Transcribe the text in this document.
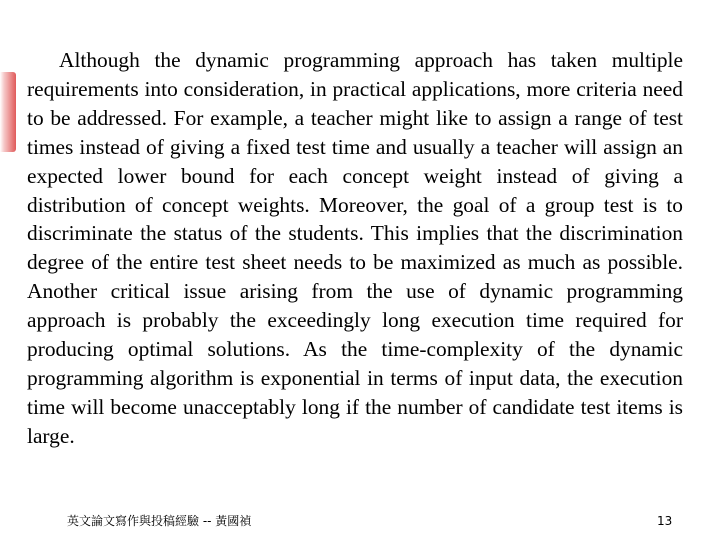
Although the dynamic programming approach has taken multiple requirements into consideration, in practical applications, more criteria need to be addressed. For example, a teacher might like to assign a range of test times instead of giving a fixed test time and usually a teacher will assign an expected lower bound for each concept weight instead of giving a distribution of concept weights. Moreover, the goal of a group test is to discriminate the status of the students. This implies that the discrimination degree of the entire test sheet needs to be maximized as much as possible. Another critical issue arising from the use of dynamic programming approach is probably the exceedingly long execution time required for producing optimal solutions. As the time-complexity of the dynamic programming algorithm is exponential in terms of input data, the execution time will become unacceptably long if the number of candidate test items is large.

英文論文寫作與投稿經驗 -- 黃國禎	13
